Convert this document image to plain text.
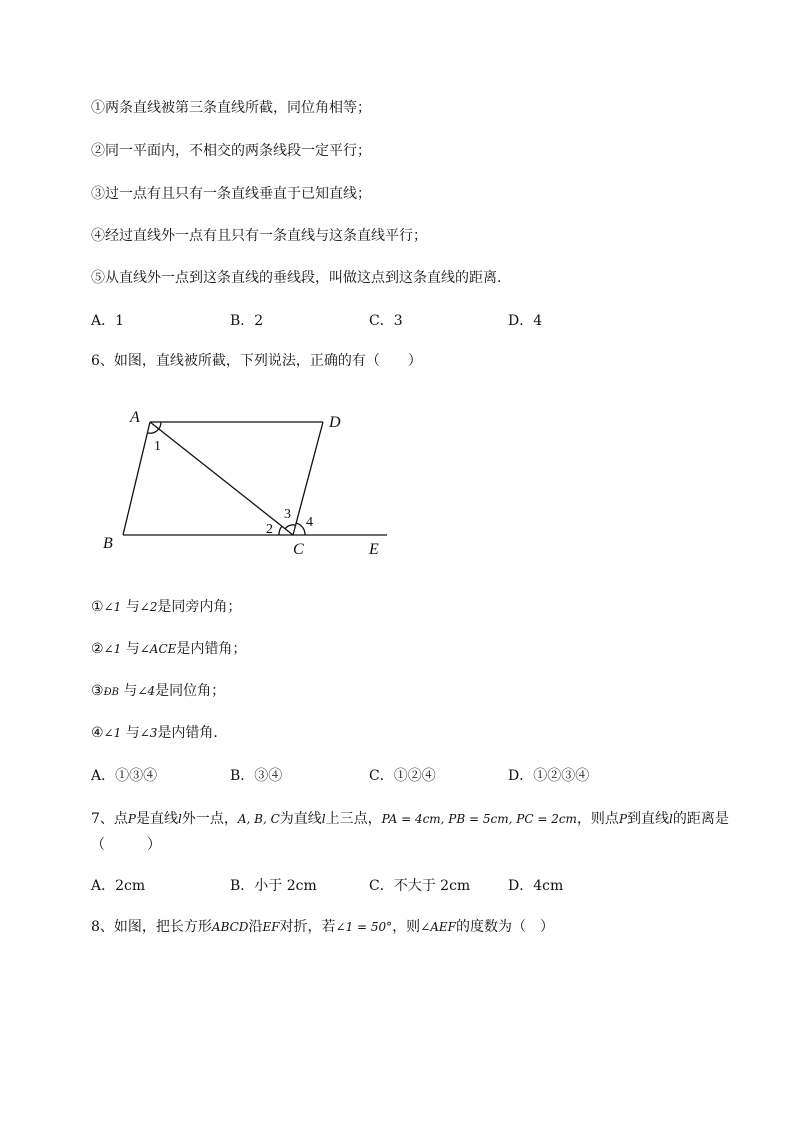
①两条直线被第三条直线所截，同位角相等；
②同一平面内，不相交的两条线段一定平行；
③过一点有且只有一条直线垂直于已知直线；
④经过直线外一点有且只有一条直线与这条直线平行；
⑤从直线外一点到这条直线的垂线段，叫做这点到这条直线的距离．
A．1	B．2	C．3	D．4
6、如图，直线被所截，下列说法，正确的有（　　）
A	D
B	C	E
1
2
3
4
①∠1 与∠2是同旁内角；
②∠1 与∠ACE是内错角；
③ÐB 与∠4是同位角；
④∠1 与∠3是内错角．
A．①③④	B．③④	C．①②④	D．①②③④
7、点P是直线l外一点，A, B, C为直线l上三点，PA = 4cm, PB = 5cm, PC = 2cm，则点P到直线l的距离是（　　　）
A．2cm	B．小于 2cm	C．不大于 2cm	D．4cm
8、如图，把长方形ABCD沿EF对折，若∠1 = 50°，则∠AEF的度数为（　）
